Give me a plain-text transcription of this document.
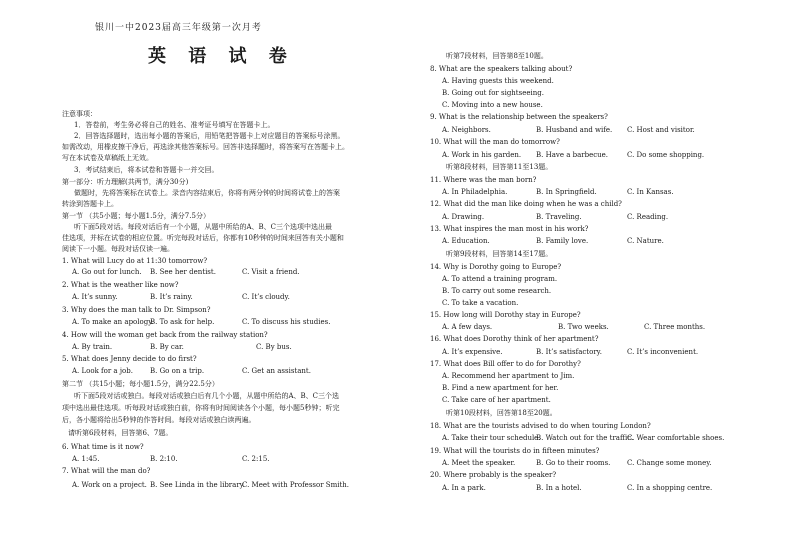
银川一中2023届高三年级第一次月考
英 语 试 卷
注意事项：
1．答卷前，考生务必将自己的姓名、准考证号填写在答题卡上。
2．回答选择题时，选出每小题的答案后，用铅笔把答题卡上对应题目的答案标号涂黑。
如需改动，用橡皮擦干净后，再选涂其他答案标号。回答非选择题时，将答案写在答题卡上。
写在本试卷及草稿纸上无效。
3．考试结束后，将本试卷和答题卡一并交回。
第一部分：听力理解(共两节，满分30分)
做题时，先将答案标在试卷上。录音内容结束后，你将有两分钟的时间将试卷上的答案
转涂到答题卡上。
第一节 （共5小题；每小题1.5分，满分7.5分）
听下面5段对话。每段对话后有一个小题，从题中所给的A、B、C三个选项中选出最
佳选项，并标在试卷的相应位置。听完每段对话后，你都有10秒钟的时间来回答有关小题和
阅读下一小题。每段对话仅读一遍。
1. What will Lucy do at 11:30 tomorrow?
A. Go out for lunch. B. See her dentist.	C. Visit a friend.
2. What is the weather like now?
A. It’s sunny.	B. It’s rainy.	C. It’s cloudy.
3. Why does the man talk to Dr. Simpson?
A. To make an apology.
B. To ask for help.	C. To discuss his studies.
4. How will the woman get back from the railway station?
A. By train.	B. By car.	C. By bus.
5. What does Jenny decide to do first?
A. Look for a job. B. Go on a trip.	C. Get an assistant.
第二节 （共15小题；每小题1.5分，满分22.5分）
听下面5段对话或独白。每段对话或独白后有几个小题，从题中所给的A、B、C三个选
项中选出最佳选项。听每段对话或独白前，你将有时间阅读各个小题，每小题5秒钟；听完
后，各小题将给出5秒钟的作答时间。每段对话或独白读两遍。
请听第6段材料，回答第6、7题。
6. What time is it now?
A. 1:45.	B. 2:10.	C. 2:15.
7. What will the man do?
A. Work on a project. B. See Linda in the library.
C. Meet with Professor Smith.
听第7段材料，回答第8至10题。
8. What are the speakers talking about?
A. Having guests this weekend.
B. Going out for sightseeing.
C. Moving into a new house.
9. What is the relationship between the speakers?
A. Neighbors.	B. Husband and wife. C. Host and visitor.
10. What will the man do tomorrow?
A. Work in his garden. B. Have a barbecue.	C. Do some shopping.
听第8段材料，回答第11至13题。
11. Where was the man born?
A. In Philadelphia.	B. In Springfield.	C. In Kansas.
12. What did the man like doing when he was a child?
A. Drawing.	B. Traveling.	C. Reading.
13. What inspires the man most in his work?
A. Education.	B. Family love.	C. Nature.
听第9段材料，回答第14至17题。
14. Why is Dorothy going to Europe?
A. To attend a training program.
B. To carry out some research.
C. To take a vacation.
15. How long will Dorothy stay in Europe?
A. A few days.	B. Two weeks.	C. Three months.
16. What does Dorothy think of her apartment?
A. It’s expensive.	B. It’s satisfactory.	C. It’s inconvenient.
17. What does Bill offer to do for Dorothy?
A. Recommend her apartment to Jim.
B. Find a new apartment for her.
C. Take care of her apartment.
听第10段材料，回答第18至20题。
18. What are the tourists advised to do when touring London?
A. Take their tour schedule.
B. Watch out for the traffic.
C. Wear comfortable shoes.
19. What will the tourists do in fifteen minutes?
A. Meet the speaker.	B. Go to their rooms. C. Change some money.
20. Where probably is the speaker?
A. In a park.	B. In a hotel.	C. In a shopping centre.
